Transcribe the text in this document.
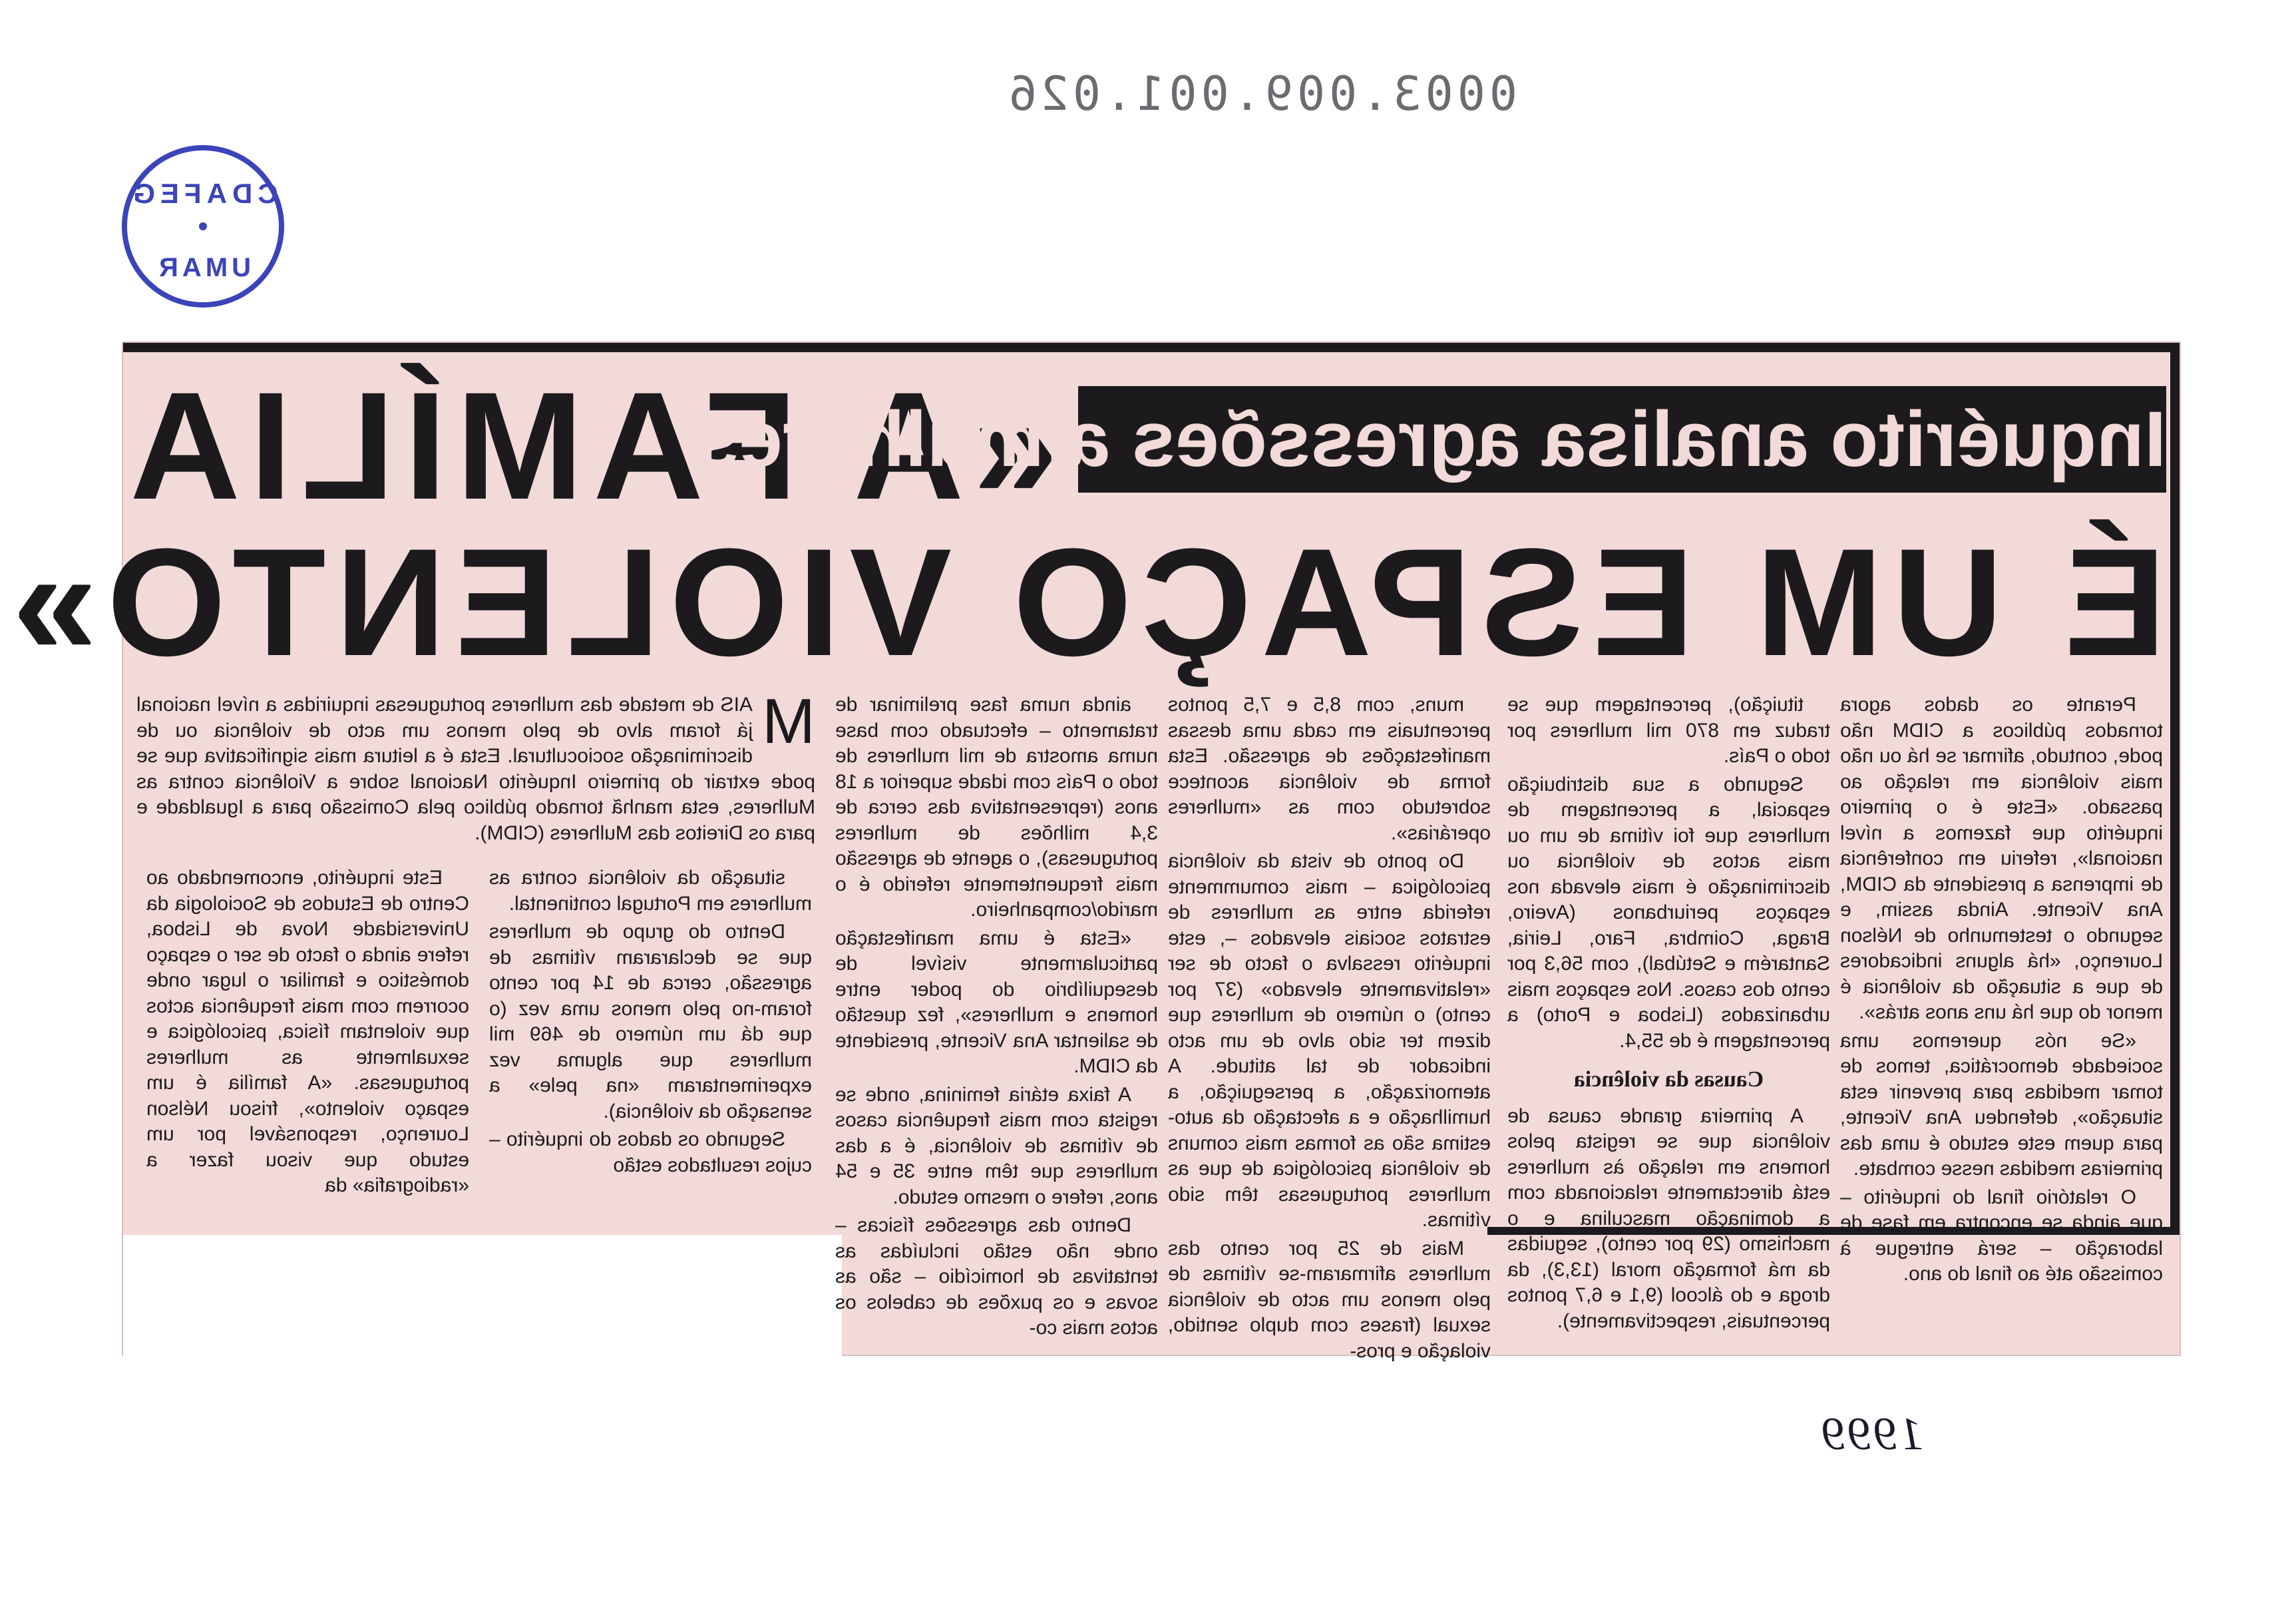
0003.009.001.026
CDAFEG
UMAR
«A FAMÍLIA
Inquérito analisa agressões a mulheres
É UM ESPAÇO VIOLENTO»

M
AIS de metade das mulheres portuguesas inquiridas a nível nacional já foram alvo de pelo menos um acto de violência ou de discriminação sociocultural. Esta é a leitura mais significativa que se pode extrair do primeiro Inquérito Nacional sobre a Violência contra as Mulheres, esta manhã tornado público pela Comissão para a Igualdade e para os Direitos das Mulheres (CIDM).

Este inquérito, encomendado ao Centro de Estudos de Sociologia da Universidade Nova de Lisboa, refere ainda o facto de ser o espaço doméstico e familiar o lugar onde ocorrem com mais frequência actos que violentam física, psicológica e sexualmente as mulheres portuguesas. «A família é um espaço violento», frisou Nélson Lourenço, responsável por um estudo que visou fazer a «radiografia» da

situação da violência contra as mulheres em Portugal continental.

Dentro do grupo de mulheres que se declararam vítimas de agressão, cerca de 14 por cento foram-no pelo menos uma vez (o que dá um número de 469 mil mulheres que alguma vez experimentaram «na pele» a sensação da violência).

Segundo os dados do inquérito – cujos resultados estão

ainda numa fase preliminar de tratamento – efectuado com base numa amostra de mil mulheres de todo o País com idade superior a 18 anos (representativa das cerca de 3,4 milhões de mulheres portuguesas), o agente de agressão mais frequentemente referido é o marido/companheiro.

«Esta é uma manifestação particularmente visível de desequilíbrio do poder entre homens e mulheres», fez questão de salientar Ana Vicente, presidente da CIDM.

A faixa etária feminina, onde se regista com mais frequência casos de vítimas de violência, é a das mulheres que têm entre 35 e 54 anos, refere o mesmo estudo.

Dentro das agressões físicas – onde não estão incluídas as tentativas de homicídio – são as sovas e os puxões de cabelos os actos mais co-

muns, com 8,5 e 7,5 pontos percentuais em cada uma dessas manifestações de agressão. Esta forma de violência acontece sobretudo com as «mulheres operárias».

Do ponto de vista da violência psicológica – mais comummente referida entre as mulheres de estratos sociais elevados –, este inquérito ressalva o facto de ser «relativamente elevado» (37 por cento) o número de mulheres que dizem ter sido alvo de um acto indicador de tal atitude. A atemorização, a perseguição, a humilhação e a afectação da auto-estima são as formas mais comuns de violência psicológica de que as mulheres portuguesas têm sido vítimas.

Mais de 25 por cento das mulheres afirmaram-se vítimas de pelo menos um acto de violência sexual (frases com duplo sentido, violação e pros-

tituição), percentagem que se traduz em 870 mil mulheres por todo o País.

Segundo a sua distribuição espacial, a percentagem de mulheres que foi vítima de um ou mais actos de violência ou discriminação é mais elevada nos espaços periurbanos (Aveiro, Braga, Coimbra, Faro, Leiria, Santarém e Setúbal), com 56,3 por cento dos casos. Nos espaços mais urbanizados (Lisboa e Porto) a percentagem é de 55,4.

Causas da violência

A primeira grande causa de violência que se regista pelos homens em relação às mulheres está directamente relacionada com a dominação masculina e o machismo (29 por cento), seguidas da má formação moral (13,3), da droga e do álcool (9,1 e 6,7 pontos percentuais, respectivamente).

Perante os dados agora tornados públicos a CIDM não pode, contudo, afirmar se há ou não mais violência em relação ao passado. «Este é o primeiro inquérito que fazemos a nível nacional», referiu em conferência de imprensa a presidente da CIDM, Ana Vicente. Ainda assim, e segundo o testemunho de Nélson Lourenço, «há alguns indicadores de que a situação da violência é menor do que há uns anos atrás».

«Se nós queremos uma sociedade democrática, temos de tomar medidas para prevenir esta situação», defendeu Ana Vicente, para quem este estudo é uma das primeiras medidas nesse combate.

O relatório final do inquérito – que ainda se encontra em fase de laboração – será entregue à comissão até ao final do ano.

1999
